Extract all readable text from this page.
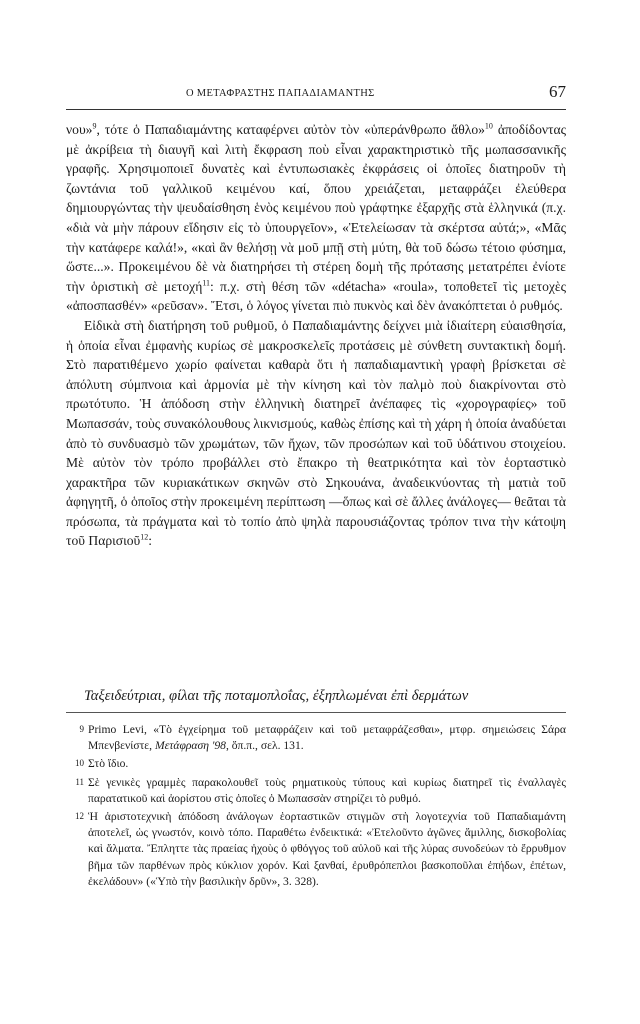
Ο ΜΕΤΑΦΡΑΣΤΗΣ ΠΑΠΑΔΙΑΜΑΝΤΗΣ	67

νου»$^9$, τότε ὁ Παπαδιαμάντης καταφέρνει αὐτὸν τὸν «ὑπεράνθρωπο ἄθλο»$^{10}$ ἀποδίδοντας μὲ ἀκρίβεια τὴ διαυγῆ καὶ λιτὴ ἔκφραση ποὺ εἶναι χαρακτηριστικὸ τῆς μωπασσανικῆς γραφῆς. Χρησιμοποιεῖ δυνατὲς καὶ ἐντυπωσιακὲς ἐκφράσεις οἱ ὁποῖες διατηροῦν τὴ ζωντάνια τοῦ γαλλικοῦ κειμένου καί, ὅπου χρειάζεται, μεταφράζει ἐλεύθερα δημιουργώντας τὴν ψευδαίσθηση ἑνὸς κειμένου ποὺ γράφτηκε ἐξαρχῆς στὰ ἑλληνικά (π.χ. «διὰ νὰ μὴν πάρουν εἴδησιν εἰς τὸ ὑπουργεῖον», «Ἐτελείωσαν τὰ σκέρτσα αὐτά;», «Μᾶς τὴν κατάφερε καλά!», «καὶ ἂν θελήσῃ νὰ μοῦ μπῇ στὴ μύτη, θὰ τοῦ δώσω τέτοιο φύσημα, ὥστε...». Προκειμένου δὲ νὰ διατηρήσει τὴ στέρεη δομὴ τῆς πρότασης μετατρέπει ἐνίοτε τὴν ὁριστικὴ σὲ μετοχή$^{11}$: π.χ. στὴ θέση τῶν «détacha» «roula», τοποθετεῖ τὶς μετοχὲς «ἀποσπασθέν» «ρεῦσαν». Ἔτσι, ὁ λόγος γίνεται πιὸ πυκνὸς καὶ δὲν ἀνακόπτεται ὁ ρυθμός.

Εἰδικὰ στὴ διατήρηση τοῦ ρυθμοῦ, ὁ Παπαδιαμάντης δείχνει μιὰ ἰδιαίτερη εὐαισθησία, ἡ ὁποία εἶναι ἐμφανὴς κυρίως σὲ μακροσκελεῖς προτάσεις μὲ σύνθετη συντακτικὴ δομή. Στὸ παρατιθέμενο χωρίο φαίνεται καθαρὰ ὅτι ἡ παπαδιαμαντικὴ γραφὴ βρίσκεται σὲ ἀπόλυτη σύμπνοια καὶ ἁρμονία μὲ τὴν κίνηση καὶ τὸν παλμὸ ποὺ διακρίνονται στὸ πρωτότυπο. Ἡ ἀπόδοση στὴν ἑλληνικὴ διατηρεῖ ἀνέπαφες τὶς «χορογραφίες» τοῦ Μωπασσάν, τοὺς συνακόλουθους λικνισμούς, καθὼς ἐπίσης καὶ τὴ χάρη ἡ ὁποία ἀναδύεται ἀπὸ τὸ συνδυασμὸ τῶν χρωμάτων, τῶν ἤχων, τῶν προσώπων καὶ τοῦ ὑδάτινου στοιχείου. Μὲ αὐτὸν τὸν τρόπο προβάλλει στὸ ἔπακρο τὴ θεατρικότητα καὶ τὸν ἑορταστικὸ χαρακτῆρα τῶν κυριακάτικων σκηνῶν στὸ Σηκουάνα, ἀναδεικνύοντας τὴ ματιὰ τοῦ ἀφηγητῆ, ὁ ὁποῖος στὴν προκειμένη περίπτωση —ὅπως καὶ σὲ ἄλλες ἀνάλογες— θεᾶται τὰ πρόσωπα, τὰ πράγματα καὶ τὸ τοπίο ἀπὸ ψηλὰ παρουσιάζοντας τρόπον τινα τὴν κάτοψη τοῦ Παρισιοῦ$^{12}$:

Ταξειδεύτριαι, φίλαι τῆς ποταμοπλοΐας, ἐξηπλωμέναι ἐπὶ δερμάτων
9 Primo Levi, «Τὸ ἐγχείρημα τοῦ μεταφράζειν καὶ τοῦ μεταφράζεσθαι», μτφρ. σημειώσεις Σάρα Μπενβενίστε, Μετάφραση '98, ὅπ.π., σελ. 131.
10 Στὸ ἴδιο.
11 Σὲ γενικὲς γραμμὲς παρακολουθεῖ τοὺς ρηματικοὺς τύπους καὶ κυρίως διατηρεῖ τὶς ἐναλλαγὲς παρατατικοῦ καὶ ἀορίστου στὶς ὁποῖες ὁ Μωπασσὰν στηρίζει τὸ ρυθμό.
12 Ἡ ἀριστοτεχνικὴ ἀπόδοση ἀνάλογων ἑορταστικῶν στιγμῶν στὴ λογοτεχνία τοῦ Παπαδιαμάντη ἀποτελεῖ, ὡς γνωστόν, κοινὸ τόπο. Παραθέτω ἐνδεικτικά: «Ἐτελοῦντο ἀγῶνες ἅμιλλης, δισκοβολίας καὶ ἅλματα. Ἔπληττε τὰς πραείας ἠχοὺς ὁ φθόγγος τοῦ αὐλοῦ καὶ τῆς λύρας συνοδεύων τὸ ἔρρυθμον βῆμα τῶν παρθένων πρὸς κύκλιον χορόν. Καὶ ξανθαί, ἐρυθρόπεπλοι βασκοποῦλαι ἐπήδων, ἐπέτων, ἐκελάδουν» («Ὑπὸ τὴν βασιλικὴν δρῦν», 3. 328).
